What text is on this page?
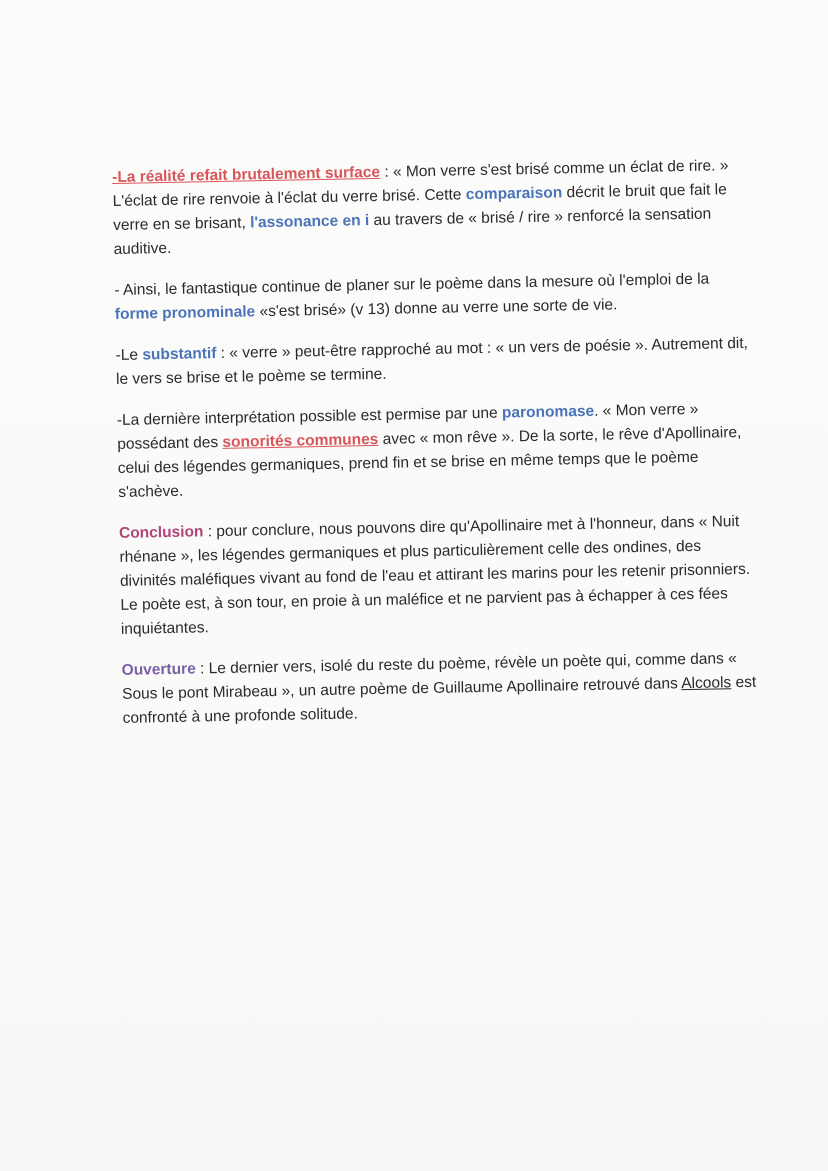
-La réalité refait brutalement surface : « Mon verre s'est brisé comme un éclat de rire. » L'éclat de rire renvoie à l'éclat du verre brisé. Cette comparaison décrit le bruit que fait le verre en se brisant, l'assonance en i au travers de « brisé / rire » renforcé la sensation auditive.

- Ainsi, le fantastique continue de planer sur le poème dans la mesure où l'emploi de la forme pronominale «s'est brisé» (v 13) donne au verre une sorte de vie.

-Le substantif : « verre » peut-être rapproché au mot : « un vers de poésie ». Autrement dit, le vers se brise et le poème se termine.

-La dernière interprétation possible est permise par une paronomase. « Mon verre » possédant des sonorités communes avec « mon rêve ». De la sorte, le rêve d'Apollinaire, celui des légendes germaniques, prend fin et se brise en même temps que le poème s'achève.

Conclusion : pour conclure, nous pouvons dire qu'Apollinaire met à l'honneur, dans « Nuit rhénane », les légendes germaniques et plus particulièrement celle des ondines, des divinités maléfiques vivant au fond de l'eau et attirant les marins pour les retenir prisonniers. Le poète est, à son tour, en proie à un maléfice et ne parvient pas à échapper à ces fées inquiétantes.

Ouverture : Le dernier vers, isolé du reste du poème, révèle un poète qui, comme dans « Sous le pont Mirabeau », un autre poème de Guillaume Apollinaire retrouvé dans Alcools est confronté à une profonde solitude.
